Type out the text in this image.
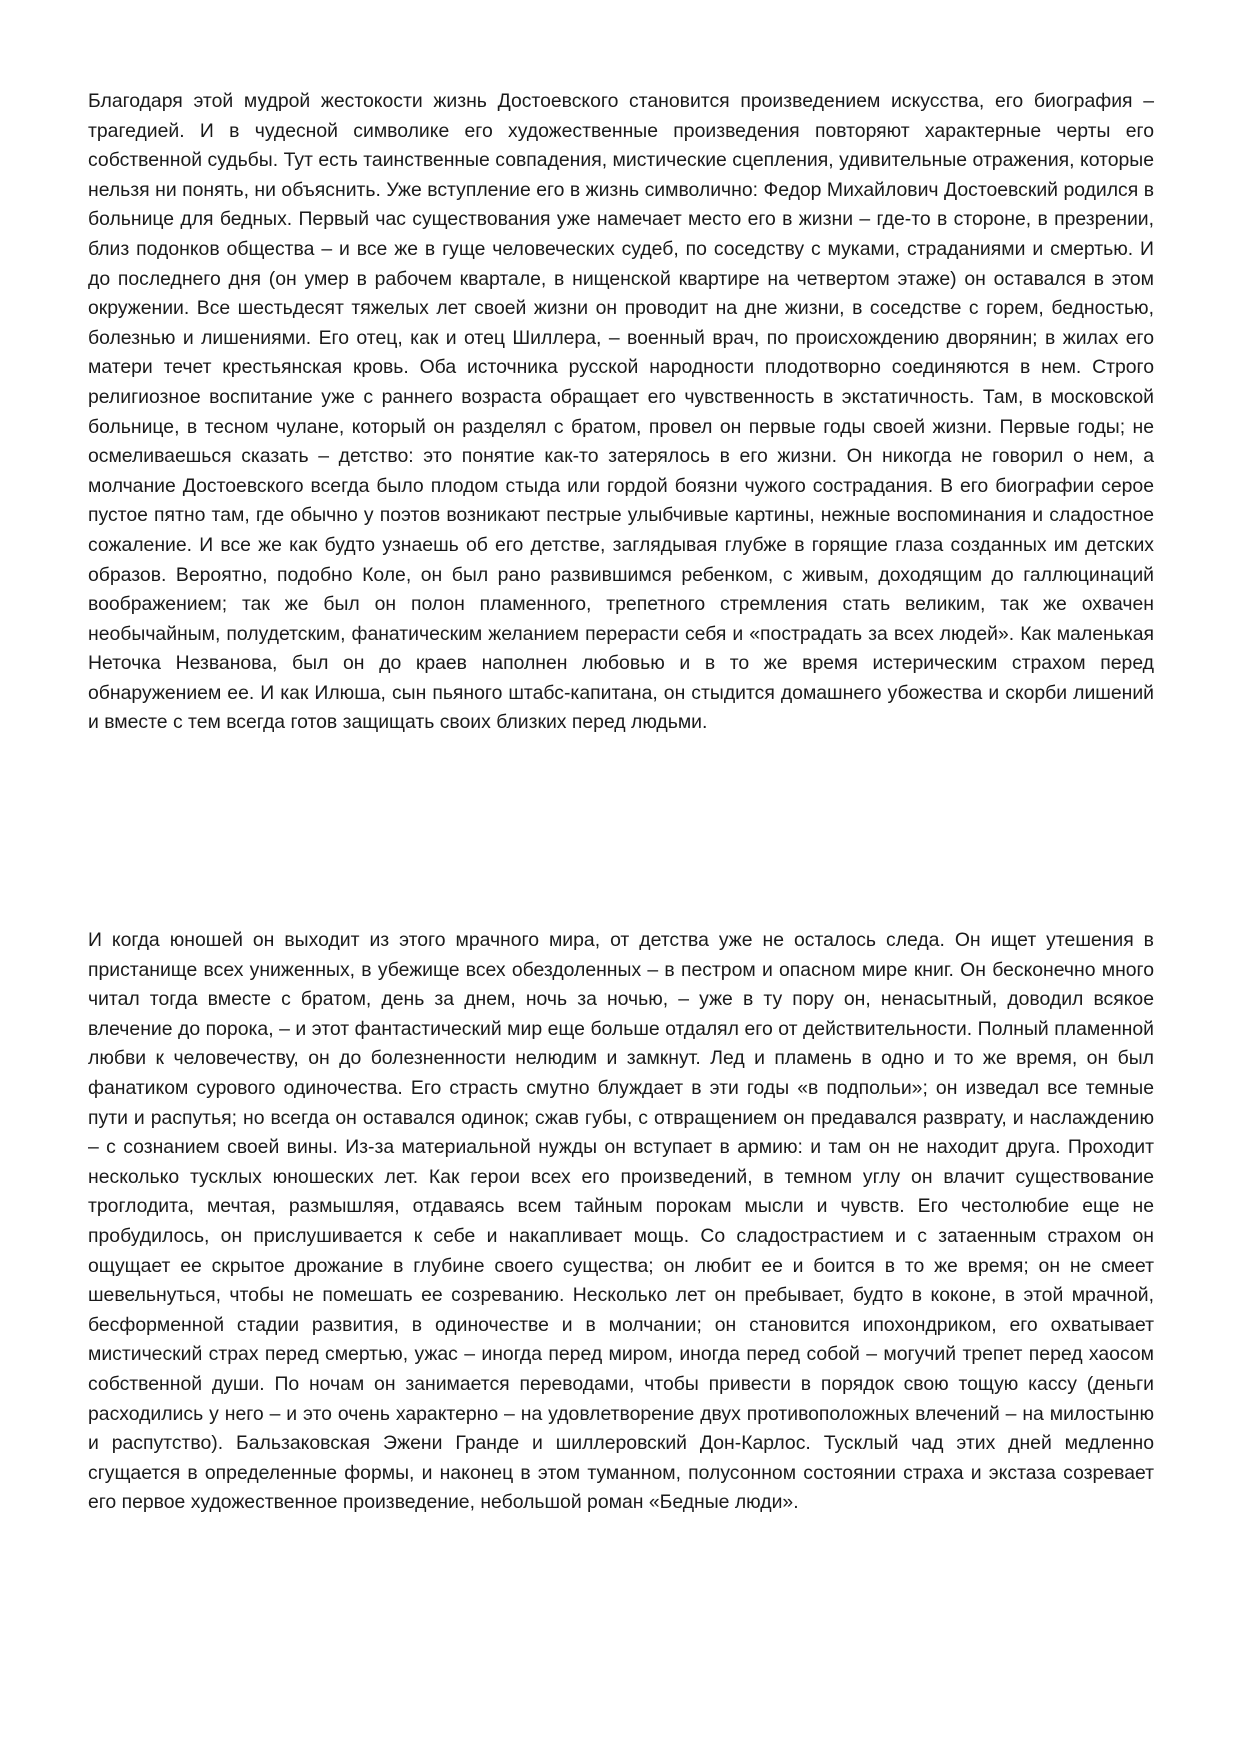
Благодаря этой мудрой жестокости жизнь Достоевского становится произведением искусства, его биография – трагедией. И в чудесной символике его художественные произведения повторяют характерные черты его собственной судьбы. Тут есть таинственные совпадения, мистические сцепления, удивительные отражения, которые нельзя ни понять, ни объяснить. Уже вступление его в жизнь символично: Федор Михайлович Достоевский родился в больнице для бедных. Первый час существования уже намечает место его в жизни – где-то в стороне, в презрении, близ подонков общества – и все же в гуще человеческих судеб, по соседству с муками, страданиями и смертью. И до последнего дня (он умер в рабочем квартале, в нищенской квартире на четвертом этаже) он оставался в этом окружении. Все шестьдесят тяжелых лет своей жизни он проводит на дне жизни, в соседстве с горем, бедностью, болезнью и лишениями. Его отец, как и отец Шиллера, – военный врач, по происхождению дворянин; в жилах его матери течет крестьянская кровь. Оба источника русской народности плодотворно соединяются в нем. Строго религиозное воспитание уже с раннего возраста обращает его чувственность в экстатичность. Там, в московской больнице, в тесном чулане, который он разделял с братом, провел он первые годы своей жизни. Первые годы; не осмеливаешься сказать – детство: это понятие как-то затерялось в его жизни. Он никогда не говорил о нем, а молчание Достоевского всегда было плодом стыда или гордой боязни чужого сострадания. В его биографии серое пустое пятно там, где обычно у поэтов возникают пестрые улыбчивые картины, нежные воспоминания и сладостное сожаление. И все же как будто узнаешь об его детстве, заглядывая глубже в горящие глаза созданных им детских образов. Вероятно, подобно Коле, он был рано развившимся ребенком, с живым, доходящим до галлюцинаций воображением; так же был он полон пламенного, трепетного стремления стать великим, так же охвачен необычайным, полудетским, фанатическим желанием перерасти себя и «пострадать за всех людей». Как маленькая Неточка Незванова, был он до краев наполнен любовью и в то же время истерическим страхом перед обнаружением ее. И как Илюша, сын пьяного штабс-капитана, он стыдится домашнего убожества и скорби лишений и вместе с тем всегда готов защищать своих близких перед людьми.

И когда юношей он выходит из этого мрачного мира, от детства уже не осталось следа. Он ищет утешения в пристанище всех униженных, в убежище всех обездоленных – в пестром и опасном мире книг. Он бесконечно много читал тогда вместе с братом, день за днем, ночь за ночью, – уже в ту пору он, ненасытный, доводил всякое влечение до порока, – и этот фантастический мир еще больше отдалял его от действительности. Полный пламенной любви к человечеству, он до болезненности нелюдим и замкнут. Лед и пламень в одно и то же время, он был фанатиком сурового одиночества. Его страсть смутно блуждает в эти годы «в подпольи»; он изведал все темные пути и распутья; но всегда он оставался одинок; сжав губы, с отвращением он предавался разврату, и наслаждению – с сознанием своей вины. Из-за материальной нужды он вступает в армию: и там он не находит друга. Проходит несколько тусклых юношеских лет. Как герои всех его произведений, в темном углу он влачит существование троглодита, мечтая, размышляя, отдаваясь всем тайным порокам мысли и чувств. Его честолюбие еще не пробудилось, он прислушивается к себе и накапливает мощь. Со сладострастием и с затаенным страхом он ощущает ее скрытое дрожание в глубине своего существа; он любит ее и боится в то же время; он не смеет шевельнуться, чтобы не помешать ее созреванию. Несколько лет он пребывает, будто в коконе, в этой мрачной, бесформенной стадии развития, в одиночестве и в молчании; он становится ипохондриком, его охватывает мистический страх перед смертью, ужас – иногда перед миром, иногда перед собой – могучий трепет перед хаосом собственной души. По ночам он занимается переводами, чтобы привести в порядок свою тощую кассу (деньги расходились у него – и это очень характерно – на удовлетворение двух противоположных влечений – на милостыню и распутство). Бальзаковская Эжени Гранде и шиллеровский Дон-Карлос. Тусклый чад этих дней медленно сгущается в определенные формы, и наконец в этом туманном, полусонном состоянии страха и экстаза созревает его первое художественное произведение, небольшой роман «Бедные люди».
